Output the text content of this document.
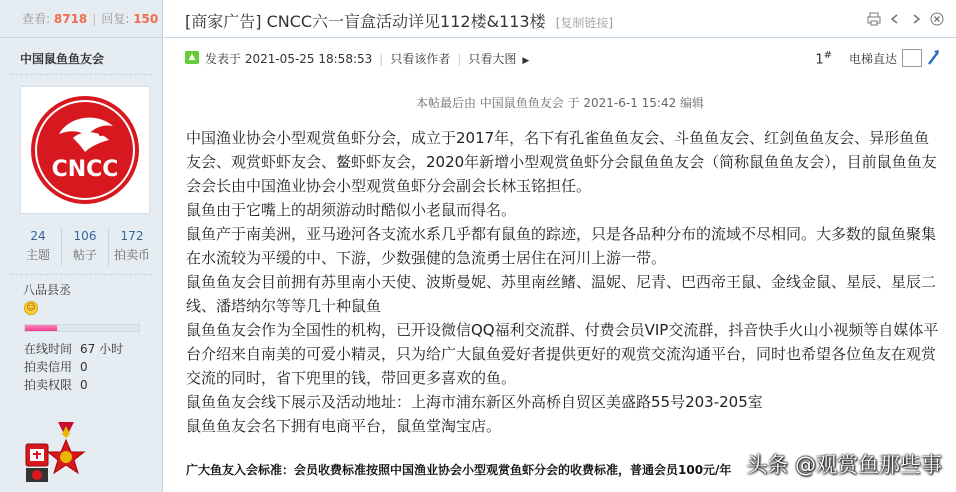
查看: 8718 | 回复: 150 [商家广告] CNCC六一盲盒活动详见112楼&113楼 [复制链接]
中国鼠鱼鱼友会
CNCC
24
主题
106
帖子
172
拍卖币
八品县丞
☺
在线时间 67 小时
拍卖信用 0
拍卖权限 0
▲ 发表于 2021-05-25 18:58:53 | 只看该作者 | 只看大图 ▶	1# 电梯直达
本帖最后由 中国鼠鱼鱼友会 于 2021-6-1 15:42 编辑

中国渔业协会小型观赏鱼虾分会，成立于2017年，名下有孔雀鱼鱼友会、斗鱼鱼友会、红剑鱼鱼友会、异形鱼鱼友会、观赏虾虾友会、鳌虾虾友会，2020年新增小型观赏鱼虾分会鼠鱼鱼友会（简称鼠鱼鱼友会），目前鼠鱼鱼友会会长由中国渔业协会小型观赏鱼虾分会副会长林玉铭担任。

鼠鱼由于它嘴上的胡须游动时酷似小老鼠而得名。

鼠鱼产于南美洲，亚马逊河各支流水系几乎都有鼠鱼的踪迹，只是各品种分布的流域不尽相同。大多数的鼠鱼聚集在水流较为平缓的中、下游，少数强健的急流勇士居住在河川上游一带。

鼠鱼鱼友会目前拥有苏里南小天使、波斯曼妮、苏里南丝鳍、温妮、尼青、巴西帝王鼠、金线金鼠、星辰、星辰二线、潘塔纳尔等等几十种鼠鱼

鼠鱼鱼友会作为全国性的机构，已开设微信QQ福利交流群、付费会员VIP交流群，抖音快手火山小视频等自媒体平台介绍来自南美的可爱小精灵，只为给广大鼠鱼爱好者提供更好的观赏交流沟通平台，同时也希望各位鱼友在观赏交流的同时，省下兜里的钱，带回更多喜欢的鱼。

鼠鱼鱼友会线下展示及活动地址：上海市浦东新区外高桥自贸区美盛路55号203-205室

鼠鱼鱼友会名下拥有电商平台，鼠鱼堂淘宝店。

广大鱼友入会标准：会员收费标准按照中国渔业协会小型观赏鱼虾分会的收费标准，普通会员100元/年 头条 @观赏鱼那些事
